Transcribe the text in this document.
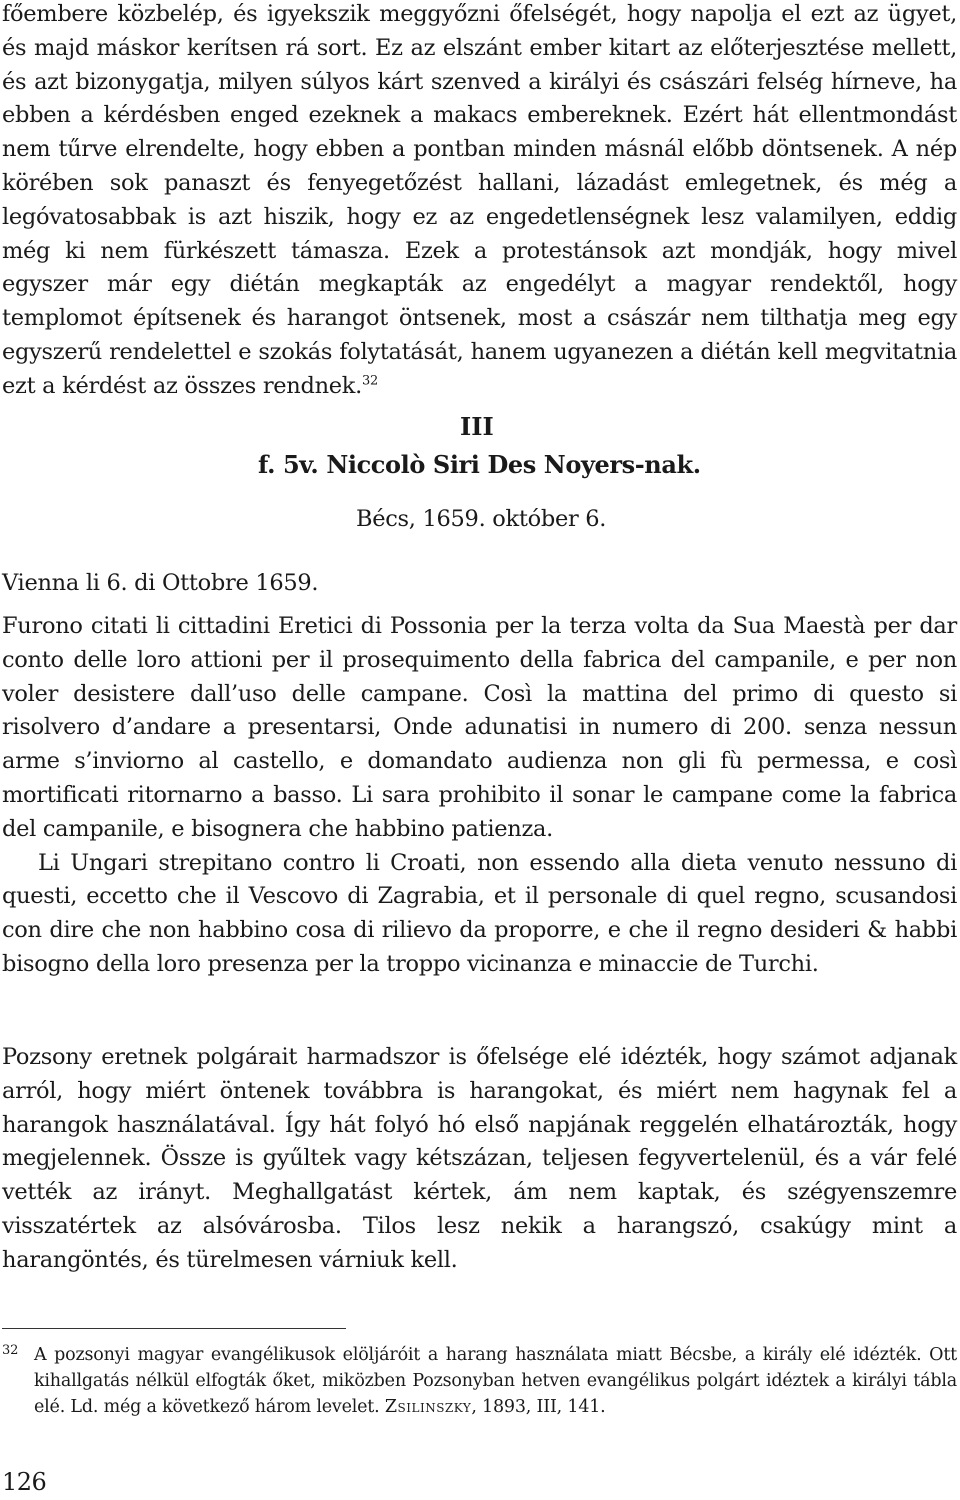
főembere közbelép, és igyekszik meggyőzni őfelségét, hogy napolja el ezt az ügyet, és majd máskor kerítsen rá sort. Ez az elszánt ember kitart az előterjesztése mellett, és azt bizonygatja, milyen súlyos kárt szenved a királyi és császári felség hírneve, ha ebben a kérdésben enged ezeknek a makacs embereknek. Ezért hát ellentmondást nem tűrve elrendelte, hogy ebben a pontban minden másnál előbb döntsenek. A nép körében sok panaszt és fenyegetőzést hallani, lázadást emlegetnek, és még a legóvatosabbak is azt hiszik, hogy ez az engedetlenségnek lesz valamilyen, eddig még ki nem fürkészett támasza. Ezek a protestánsok azt mondják, hogy mivel egyszer már egy diétán megkapták az engedélyt a magyar rendektől, hogy templomot építsenek és harangot öntsenek, most a császár nem tilthatja meg egy egyszerű rendelettel e szokás folytatását, hanem ugyanezen a diétán kell megvitatnia ezt a kérdést az összes rendnek.$^{32}$
III
f. 5v. Niccolò Siri Des Noyers-nak.
Bécs, 1659. október 6.
Vienna li 6. di Ottobre 1659.

Furono citati li cittadini Eretici di Possonia per la terza volta da Sua Maestà per dar conto delle loro attioni per il prosequimento della fabrica del campanile, e per non voler desistere dall’uso delle campane. Così la mattina del primo di questo si risolvero d’andare a presentarsi, Onde adunatisi in numero di 200. senza nessun arme s’inviorno al castello, e domandato audienza non gli fù permessa, e così mortificati ritornarno a basso. Li sara prohibito il sonar le campane come la fabrica del campanile, e bisognera che habbino patienza.

Li Ungari strepitano contro li Croati, non essendo alla dieta venuto nessuno di questi, eccetto che il Vescovo di Zagrabia, et il personale di quel regno, scusandosi con dire che non habbino cosa di rilievo da proporre, e che il regno desideri & habbi bisogno della loro presenza per la troppo vicinanza e minaccie de Turchi.

Pozsony eretnek polgárait harmadszor is őfelsége elé idézték, hogy számot adjanak arról, hogy miért öntenek továbbra is harangokat, és miért nem hagynak fel a harangok használatával. Így hát folyó hó első napjának reggelén elhatározták, hogy megjelennek. Össze is gyűltek vagy kétszázan, teljesen fegyvertelenül, és a vár felé vették az irányt. Meghallgatást kértek, ám nem kaptak, és szégyenszemre visszatértek az alsóvárosba. Tilos lesz nekik a harangszó, csakúgy mint a harangöntés, és türelmesen várniuk kell.

32 A pozsonyi magyar evangélikusok elöljáróit a harang használata miatt Bécsbe, a király elé idézték. Ott kihallgatás nélkül elfogták őket, miközben Pozsonyban hetven evangélikus polgárt idéztek a királyi tábla elé. Ld. még a következő három levelet. Zsilinszky, 1893, III, 141.
126
